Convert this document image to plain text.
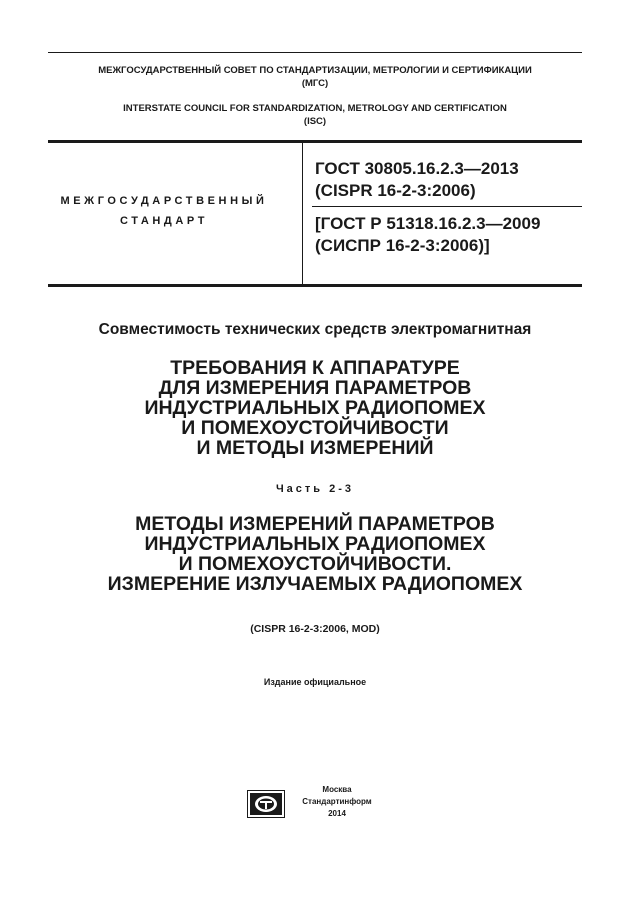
МЕЖГОСУДАРСТВЕННЫЙ СОВЕТ ПО СТАНДАРТИЗАЦИИ, МЕТРОЛОГИИ И СЕРТИФИКАЦИИ
(МГС)
INTERSTATE COUNCIL FOR STANDARDIZATION, METROLOGY AND CERTIFICATION
(ISC)
МЕЖГОСУДАРСТВЕННЫЙ
СТАНДАРТ
ГОСТ 30805.16.2.3—2013
(CISPR 16-2-3:2006)
[ГОСТ Р 51318.16.2.3—2009
(СИСПР 16-2-3:2006)]
Совместимость технических средств электромагнитная
ТРЕБОВАНИЯ К АППАРАТУРЕ
ДЛЯ ИЗМЕРЕНИЯ ПАРАМЕТРОВ
ИНДУСТРИАЛЬНЫХ РАДИОПОМЕХ
И ПОМЕХОУСТОЙЧИВОСТИ
И МЕТОДЫ ИЗМЕРЕНИЙ
Часть 2-3
МЕТОДЫ ИЗМЕРЕНИЙ ПАРАМЕТРОВ
ИНДУСТРИАЛЬНЫХ РАДИОПОМЕХ
И ПОМЕХОУСТОЙЧИВОСТИ.
ИЗМЕРЕНИЕ ИЗЛУЧАЕМЫХ РАДИОПОМЕХ
(CISPR 16-2-3:2006, MOD)
Издание официальное
Москва
Стандартинформ
2014
